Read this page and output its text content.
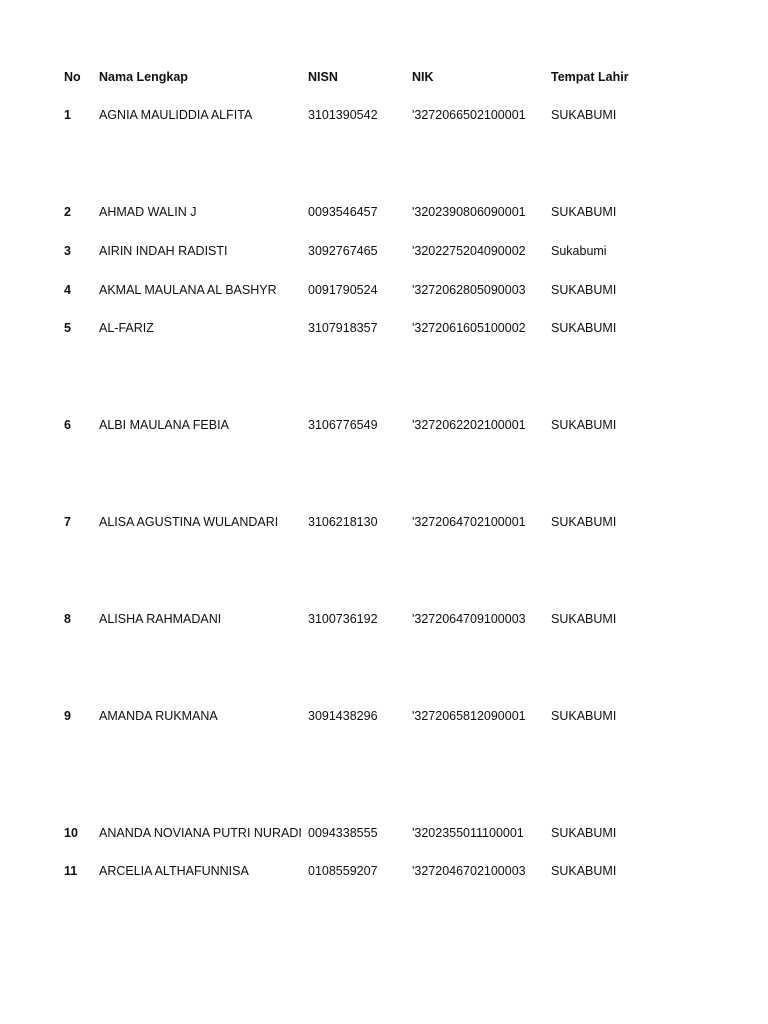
No Nama Lengkap	NISN	NIK	Tempat Lahir
1 AGNIA MAULIDDIA ALFITA	3101390542	'3272066502100001 SUKABUMI
2 AHMAD WALIN J	0093546457	'3202390806090001 SUKABUMI
3 AIRIN INDAH RADISTI	3092767465	'3202275204090002 Sukabumi
4 AKMAL MAULANA AL BASHYR	0091790524	'3272062805090003 SUKABUMI
5 AL-FARIZ	3107918357	'3272061605100002 SUKABUMI
6 ALBI MAULANA FEBIA	3106776549	'3272062202100001 SUKABUMI
7 ALISA AGUSTINA WULANDARI 3106218130	'3272064702100001 SUKABUMI
8 ALISHA RAHMADANI	3100736192	'3272064709100003 SUKABUMI
9 AMANDA RUKMANA	3091438296	'3272065812090001 SUKABUMI
10 ANANDA NOVIANA PUTRI NURADI 0094338555	'3202355011100001 SUKABUMI
11 ARCELIA ALTHAFUNNISA	0108559207	'3272046702100003 SUKABUMI
